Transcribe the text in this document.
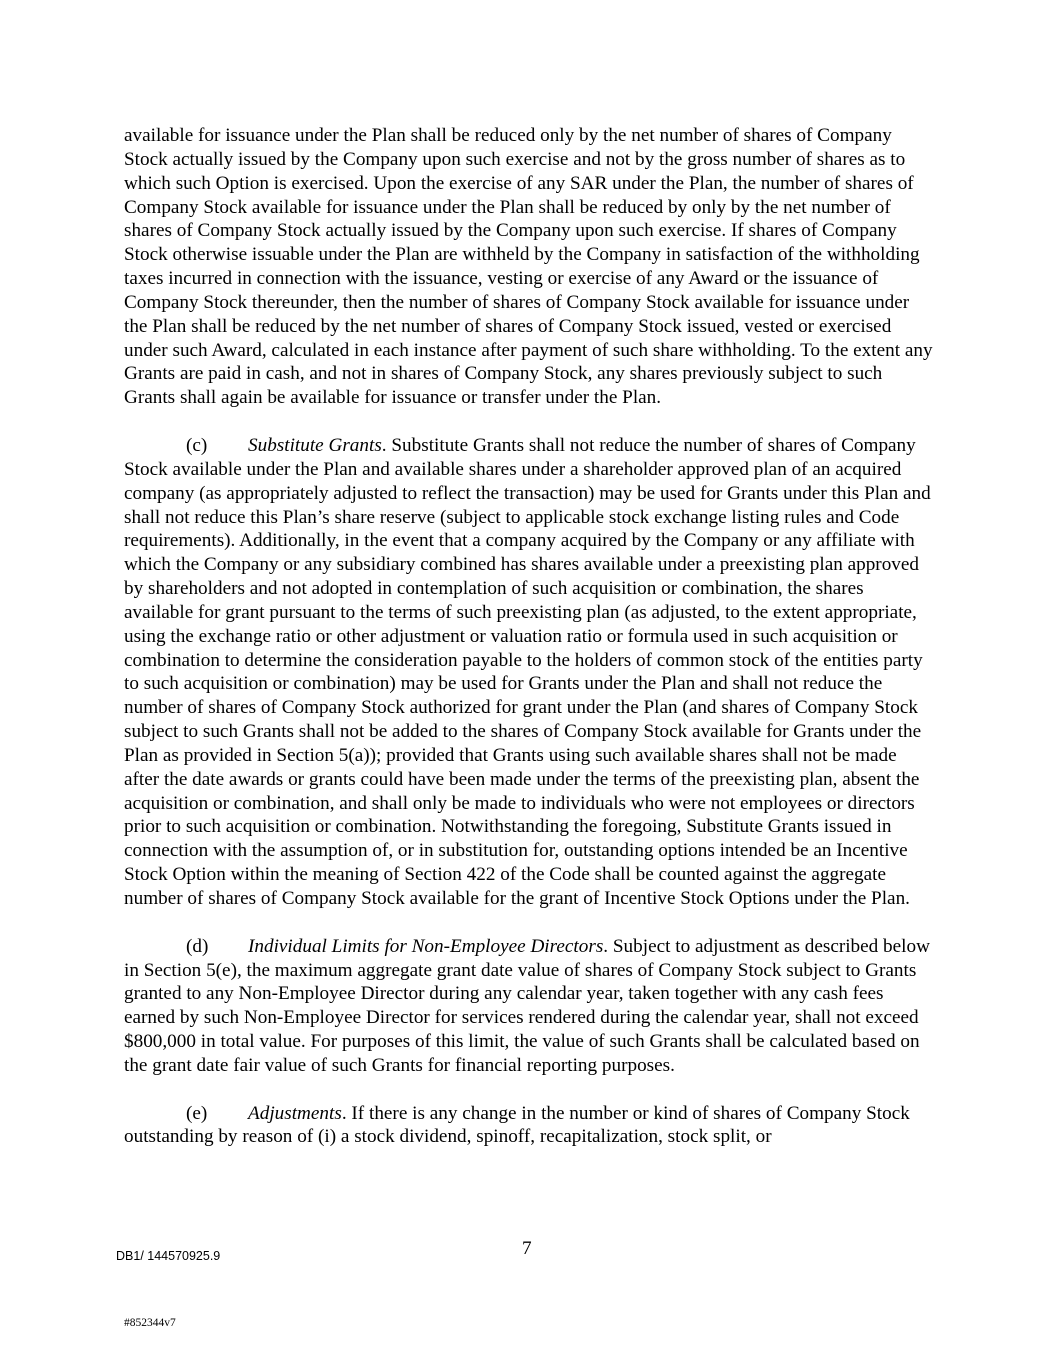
available for issuance under the Plan shall be reduced only by the net number of shares of Company Stock actually issued by the Company upon such exercise and not by the gross number of shares as to which such Option is exercised. Upon the exercise of any SAR under the Plan, the number of shares of Company Stock available for issuance under the Plan shall be reduced by only by the net number of shares of Company Stock actually issued by the Company upon such exercise. If shares of Company Stock otherwise issuable under the Plan are withheld by the Company in satisfaction of the withholding taxes incurred in connection with the issuance, vesting or exercise of any Award or the issuance of Company Stock thereunder, then the number of shares of Company Stock available for issuance under the Plan shall be reduced by the net number of shares of Company Stock issued, vested or exercised under such Award, calculated in each instance after payment of such share withholding. To the extent any Grants are paid in cash, and not in shares of Company Stock, any shares previously subject to such Grants shall again be available for issuance or transfer under the Plan.

(c) Substitute Grants. Substitute Grants shall not reduce the number of shares of Company Stock available under the Plan and available shares under a shareholder approved plan of an acquired company (as appropriately adjusted to reflect the transaction) may be used for Grants under this Plan and shall not reduce this Plan’s share reserve (subject to applicable stock exchange listing rules and Code requirements). Additionally, in the event that a company acquired by the Company or any affiliate with which the Company or any subsidiary combined has shares available under a preexisting plan approved by shareholders and not adopted in contemplation of such acquisition or combination, the shares available for grant pursuant to the terms of such preexisting plan (as adjusted, to the extent appropriate, using the exchange ratio or other adjustment or valuation ratio or formula used in such acquisition or combination to determine the consideration payable to the holders of common stock of the entities party to such acquisition or combination) may be used for Grants under the Plan and shall not reduce the number of shares of Company Stock authorized for grant under the Plan (and shares of Company Stock subject to such Grants shall not be added to the shares of Company Stock available for Grants under the Plan as provided in Section 5(a)); provided that Grants using such available shares shall not be made after the date awards or grants could have been made under the terms of the preexisting plan, absent the acquisition or combination, and shall only be made to individuals who were not employees or directors prior to such acquisition or combination. Notwithstanding the foregoing, Substitute Grants issued in connection with the assumption of, or in substitution for, outstanding options intended be an Incentive Stock Option within the meaning of Section 422 of the Code shall be counted against the aggregate number of shares of Company Stock available for the grant of Incentive Stock Options under the Plan.

(d) Individual Limits for Non-Employee Directors. Subject to adjustment as described below in Section 5(e), the maximum aggregate grant date value of shares of Company Stock subject to Grants granted to any Non-Employee Director during any calendar year, taken together with any cash fees earned by such Non-Employee Director for services rendered during the calendar year, shall not exceed $800,000 in total value. For purposes of this limit, the value of such Grants shall be calculated based on the grant date fair value of such Grants for financial reporting purposes.

(e) Adjustments. If there is any change in the number or kind of shares of Company Stock outstanding by reason of (i) a stock dividend, spinoff, recapitalization, stock split, or

DB1/ 144570925.9	7
#852344v7
